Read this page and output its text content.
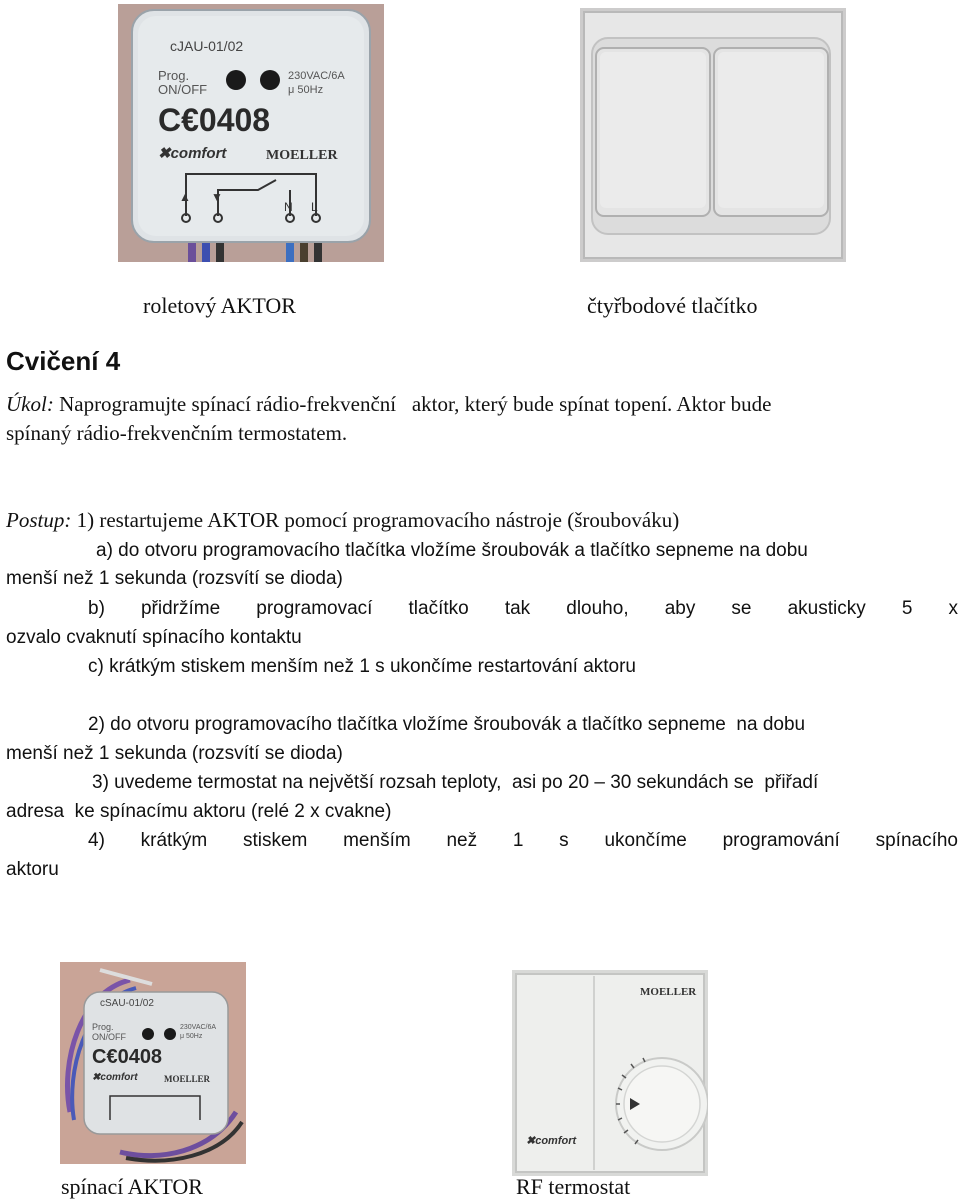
cJAU-01/02
Prog.
ON/OFF
230VAC/6A
μ 50Hz
C€0408
✖comfort	MOELLER
▲ ▼
N L
roletový AKTOR	čtyřbodové tlačítko
Cvičení 4
Úkol: Naprogramujte spínací rádio-frekvenční   aktor, který bude spínat topení. Aktor bude
spínaný rádio-frekvenčním termostatem.
Postup: 1) restartujeme AKTOR pomocí programovacího nástroje (šroubováku)
a) do otvoru programovacího tlačítka vložíme šroubovák a tlačítko sepneme na dobu
menší než 1 sekunda (rozsvítí se dioda)
b) přidržíme programovací tlačítko tak dlouho, aby se akusticky 5 x
ozvalo cvaknutí spínacího kontaktu
c) krátkým stiskem menším než 1 s ukončíme restartování aktoru
2) do otvoru programovacího tlačítka vložíme šroubovák a tlačítko sepneme  na dobu
menší než 1 sekunda (rozsvítí se dioda)
3) uvedeme termostat na největší rozsah teploty,  asi po 20 – 30 sekundách se  přiřadí
adresa  ke spínacímu aktoru (relé 2 x cvakne)
4) krátkým stiskem menším než 1 s ukončíme programování spínacího
aktoru
cSAU-01/02
Prog.
ON/OFF
230VAC/6A
μ 50Hz
C€0408
✖comfort	MOELLER
MOELLER
✖comfort
spínací AKTOR	RF termostat
